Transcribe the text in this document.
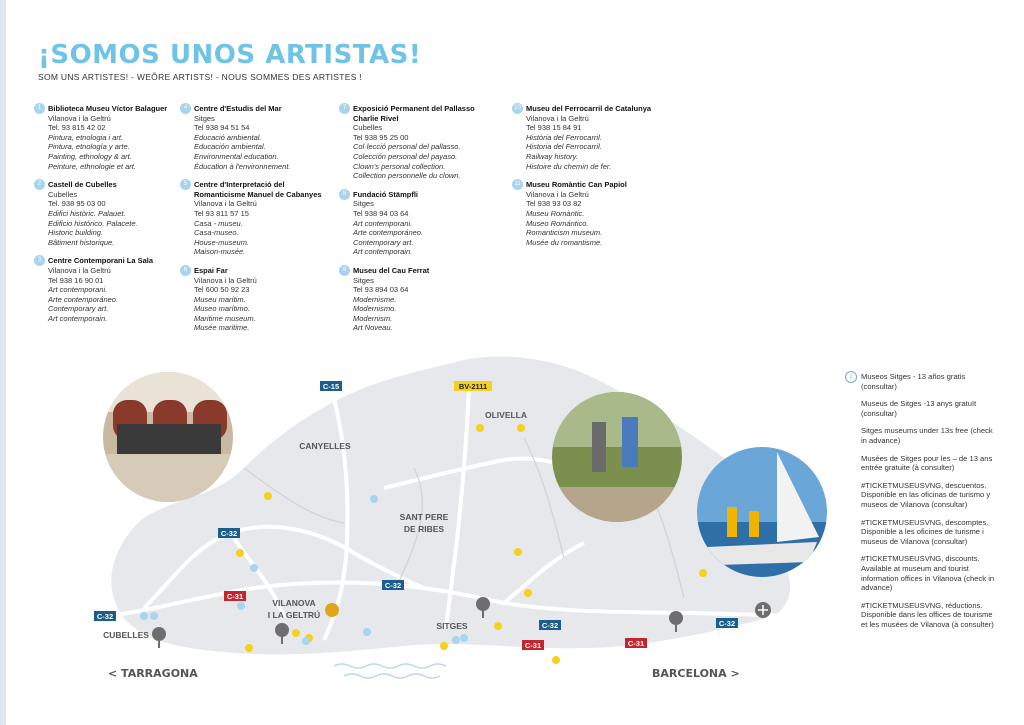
¡SOMOS UNOS ARTISTAS!
SOM UNS ARTISTES! - WEÕRE ARTISTS! - NOUS SOMMES DES ARTISTES !
1 Biblioteca Museu Víctor Balaguer
Vilanova i la Geltrú
Tel. 93 815 42 02
Pintura, etnologia i art.
Pintura, etnología y arte.
Painting, ethnology & art.
Peinture, ethnologie et art.
2 Castell de Cubelles
Cubelles
Tel. 938 95 03 00
Edifici històric. Palauet.
Edificio histórico. Palacete.
Historic building.
Bâtiment historique.
3 Centre Contemporani La Sala
Vilanova i la Geltrú
Tel 938 16 90 01
Art contemporani.
Arte contemporáneo.
Contemporary art.
Art contemporain.
4 Centre d'Estudis del Mar
Sitges
Tel 938 94 51 54
Educació ambiental.
Educación ambiental.
Environmental education.
Éducation à l'environnement.
5 Centre d'Interpretació del Romanticisme Manuel de Cabanyes
Vilanova i la Geltrú
Tel 93 811 57 15
Casa - museu.
Casa-museo.
House-museum.
Maison-musée.
6 Espai Far
Vilanova i la Geltrú
Tel 600 50 92 23
Museu marítim.
Museo marítimo.
Maritime museum.
Musée maritime.
7 Exposició Permanent del Pallasso Charlie Rivel
Cubelles
Tel 938 95 25 00
Col·lecció personal del pallasso.
Colección personal del payaso.
Clown's personal collection.
Collection personnelle du clown.
8 Fundació Stämpfli
Sitges
Tel 938 94 03 64
Art contemporani.
Arte contemporáneo.
Contemporary art.
Art contemporain.
9 Museu del Cau Ferrat
Sitges
Tel 93 894 03 64
Modernisme.
Modernismo.
Modernism.
Art Noveau.
10 Museu del Ferrocarril de Catalunya
Vilanova i la Geltrú
Tel 938 15 84 91
Història del Ferrocarril.
Historia del Ferrocarril.
Railway history.
Histoire du chemin de fer.
11 Museu Romàntic Can Papiol
Vilanova i la Geltrú
Tel 938 93 03 82
Museu Romàntic.
Museo Romántico.
Romanticism museum.
Musée du romantisme.
C-15	BV-2111
C-32
C-32
C-32
C-32	C-32
C-31
C-31	C-31
CANYELLES
OLIVELLA
SANT PERE
DE RIBES
VILANOVA
I LA GELTRÚ
SITGES
CUBELLES
< TARRAGONA	BARCELONA >
i	Museos Sitges - 13 años gratis (consultar)

Museus de Sitges -13 anys gratuït (consultar)

Sitges museums under 13s free (check in advance)

Musées de Sitges pour les – de 13 ans entrée gratuite (à consulter)

#TICKETMUSEUSVNG, descuentos. Disponible en las oficinas de turismo y museos de Vilanova (consultar)

#TICKETMUSEUSVNG, descomptes. Disponible a les oficines de turisme i museus de Vilanova (consultar)

#TICKETMUSEUSVNG, discounts. Available at museum and tourist information offices in Vilanova (check in advance)

#TICKETMUSEUSVNG, réductions. Disponible dans les offices de tourisme et les musées de Vilanova (à consulter)
